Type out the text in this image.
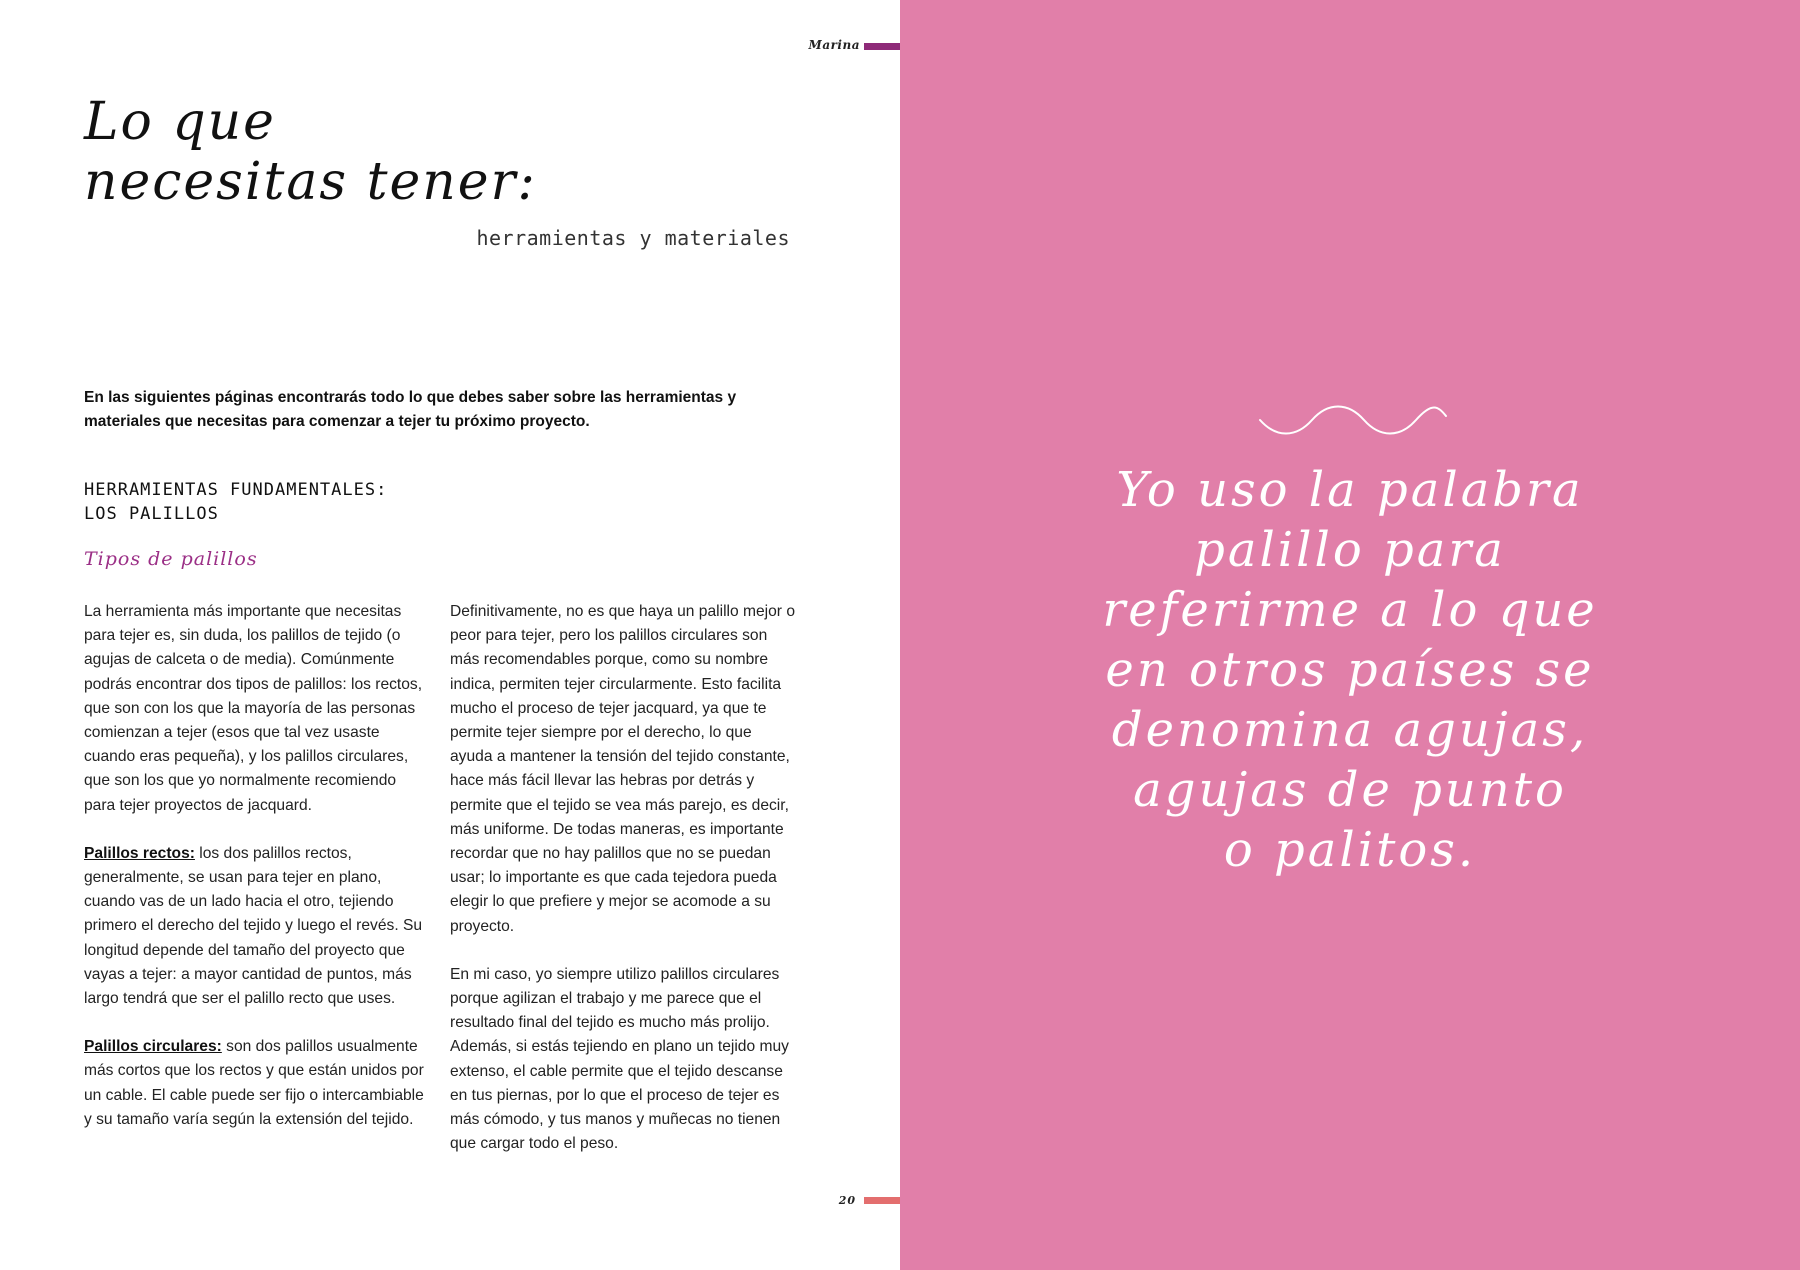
Marina
Lo que
necesitas tener:
herramientas y materiales

En las siguientes páginas encontrarás todo lo que debes saber sobre las herramientas y materiales que necesitas para comenzar a tejer tu próximo proyecto.

HERRAMIENTAS FUNDAMENTALES:
LOS PALILLOS
Tipos de palillos

La herramienta más importante que necesitas para tejer es, sin duda, los palillos de tejido (o agujas de calceta o de media). Comúnmente podrás encontrar dos tipos de palillos: los rectos, que son con los que la mayoría de las personas comienzan a tejer (esos que tal vez usaste cuando eras pequeña), y los palillos circulares, que son los que yo normalmente recomiendo para tejer proyectos de jacquard.

Palillos rectos: los dos palillos rectos, generalmente, se usan para tejer en plano, cuando vas de un lado hacia el otro, tejiendo primero el derecho del tejido y luego el revés. Su longitud depende del tamaño del proyecto que vayas a tejer: a mayor cantidad de puntos, más largo tendrá que ser el palillo recto que uses.

Palillos circulares: son dos palillos usualmente más cortos que los rectos y que están unidos por un cable. El cable puede ser fijo o intercambiable y su tamaño varía según la extensión del tejido.

Definitivamente, no es que haya un palillo mejor o peor para tejer, pero los palillos circulares son más recomendables porque, como su nombre indica, permiten tejer circularmente. Esto facilita mucho el proceso de tejer jacquard, ya que te permite tejer siempre por el derecho, lo que ayuda a mantener la tensión del tejido constante, hace más fácil llevar las hebras por detrás y permite que el tejido se vea más parejo, es decir, más uniforme. De todas maneras, es importante recordar que no hay palillos que no se puedan usar; lo importante es que cada tejedora pueda elegir lo que prefiere y mejor se acomode a su proyecto.

En mi caso, yo siempre utilizo palillos circulares porque agilizan el trabajo y me parece que el resultado final del tejido es mucho más prolijo. Además, si estás tejiendo en plano un tejido muy extenso, el cable permite que el tejido descanse en tus piernas, por lo que el proceso de tejer es más cómodo, y tus manos y muñecas no tienen que cargar todo el peso.

20

Yo uso la palabra
palillo para
referirme a lo que
en otros países se
denomina agujas,
agujas de punto
o palitos.
